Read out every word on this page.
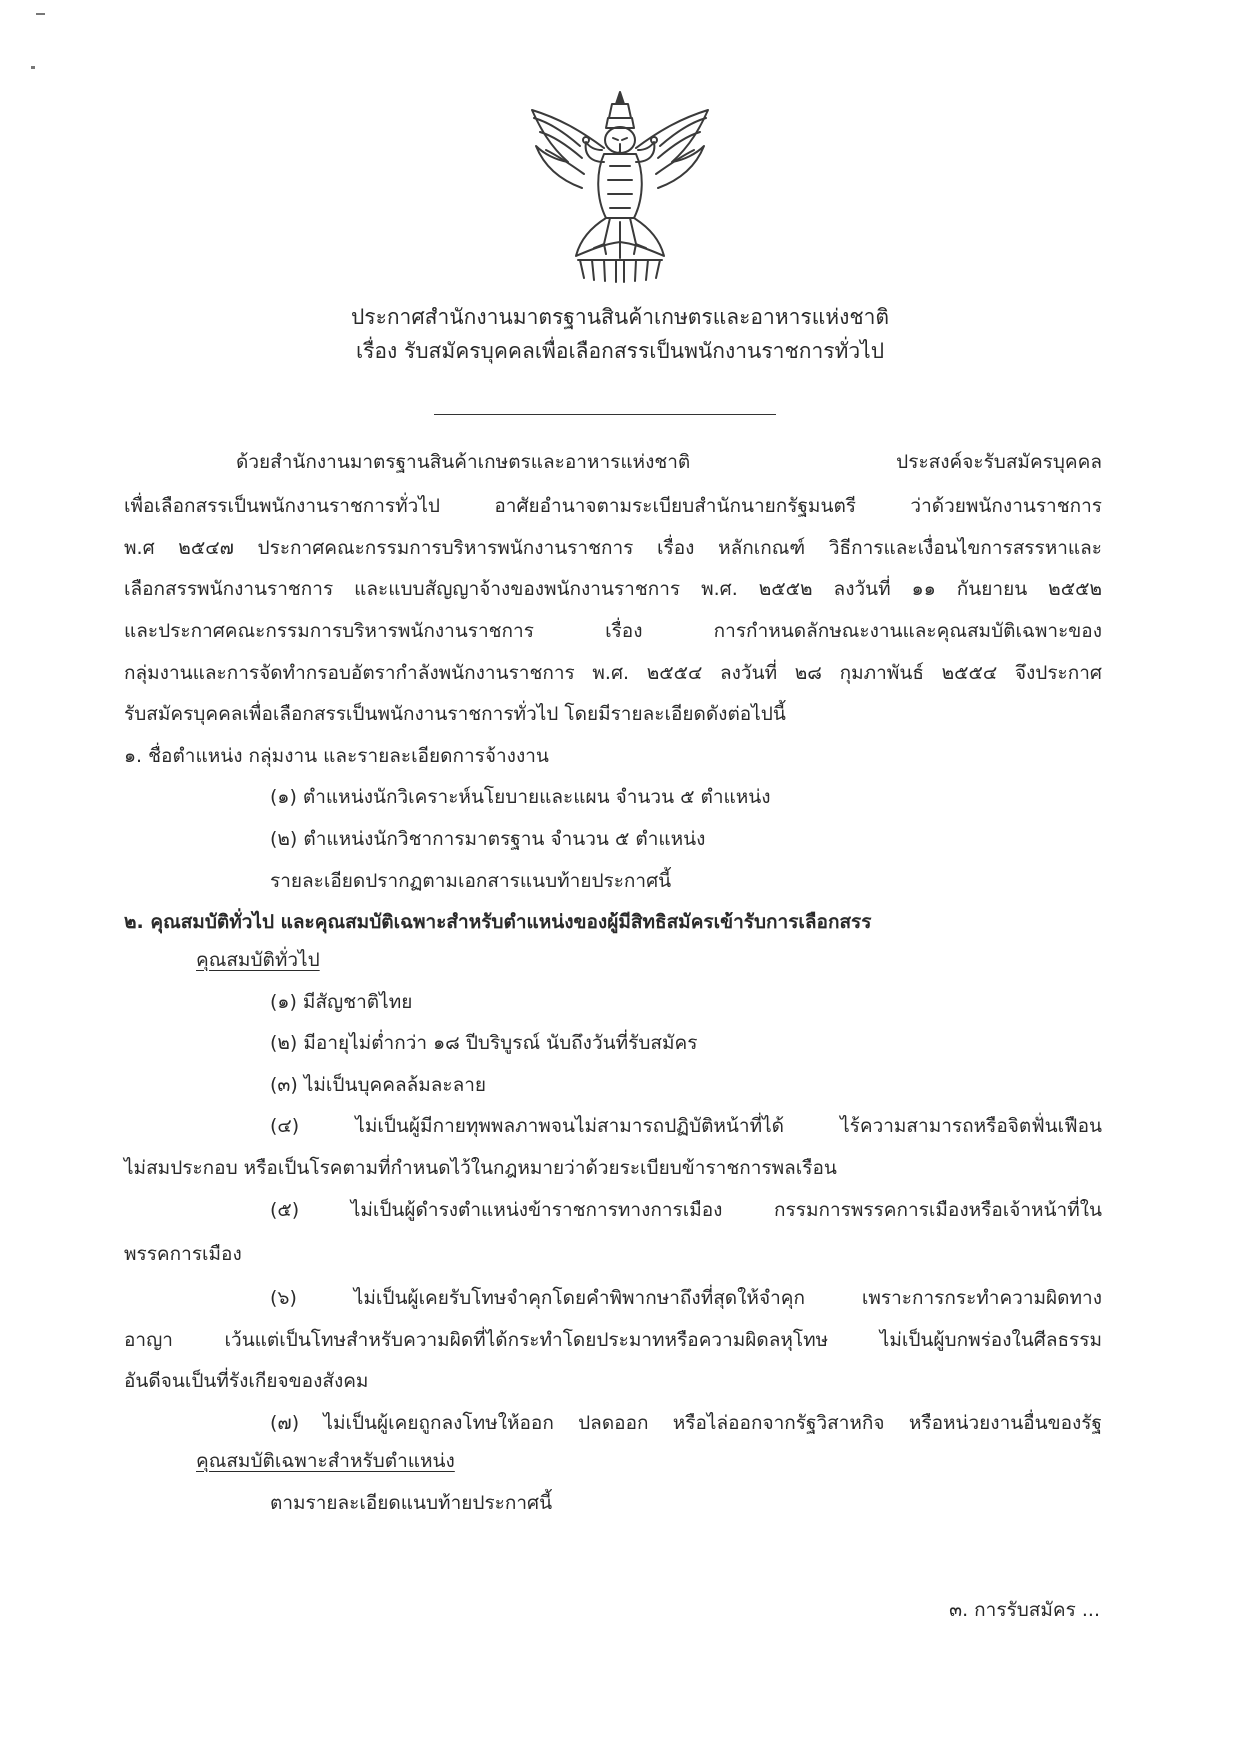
ประกาศสำนักงานมาตรฐานสินค้าเกษตรและอาหารแห่งชาติ
เรื่อง รับสมัครบุคคลเพื่อเลือกสรรเป็นพนักงานราชการทั่วไป
ด้วยสำนักงานมาตรฐานสินค้าเกษตรและอาหารแห่งชาติ ประสงค์จะรับสมัครบุคคล
เพื่อเลือกสรรเป็นพนักงานราชการทั่วไป อาศัยอำนาจตามระเบียบสำนักนายกรัฐมนตรี ว่าด้วยพนักงานราชการ
พ.ศ ๒๕๔๗ ประกาศคณะกรรมการบริหารพนักงานราชการ เรื่อง หลักเกณฑ์ วิธีการและเงื่อนไขการสรรหาและ
เลือกสรรพนักงานราชการ และแบบสัญญาจ้างของพนักงานราชการ พ.ศ. ๒๕๕๒ ลงวันที่ ๑๑ กันยายน ๒๕๕๒
และประกาศคณะกรรมการบริหารพนักงานราชการ เรื่อง การกำหนดลักษณะงานและคุณสมบัติเฉพาะของ
กลุ่มงานและการจัดทำกรอบอัตรากำลังพนักงานราชการ พ.ศ. ๒๕๕๔ ลงวันที่ ๒๘ กุมภาพันธ์ ๒๕๕๔ จึงประกาศ
รับสมัครบุคคลเพื่อเลือกสรรเป็นพนักงานราชการทั่วไป โดยมีรายละเอียดดังต่อไปนี้
๑. ชื่อตำแหน่ง กลุ่มงาน และรายละเอียดการจ้างงาน
(๑) ตำแหน่งนักวิเคราะห์นโยบายและแผน จำนวน ๕ ตำแหน่ง
(๒) ตำแหน่งนักวิชาการมาตรฐาน จำนวน ๕ ตำแหน่ง
รายละเอียดปรากฏตามเอกสารแนบท้ายประกาศนี้
๒. คุณสมบัติทั่วไป และคุณสมบัติเฉพาะสำหรับตำแหน่งของผู้มีสิทธิสมัครเข้ารับการเลือกสรร
คุณสมบัติทั่วไป
(๑) มีสัญชาติไทย
(๒) มีอายุไม่ต่ำกว่า ๑๘ ปีบริบูรณ์ นับถึงวันที่รับสมัคร
(๓) ไม่เป็นบุคคลล้มละลาย
(๔) ไม่เป็นผู้มีกายทุพพลภาพจนไม่สามารถปฏิบัติหน้าที่ได้ ไร้ความสามารถหรือจิตฟั่นเฟือน
ไม่สมประกอบ หรือเป็นโรคตามที่กำหนดไว้ในกฎหมายว่าด้วยระเบียบข้าราชการพลเรือน
(๕) ไม่เป็นผู้ดำรงตำแหน่งข้าราชการทางการเมือง กรรมการพรรคการเมืองหรือเจ้าหน้าที่ใน
พรรคการเมือง
(๖) ไม่เป็นผู้เคยรับโทษจำคุกโดยคำพิพากษาถึงที่สุดให้จำคุก เพราะการกระทำความผิดทาง
อาญา เว้นแต่เป็นโทษสำหรับความผิดที่ได้กระทำโดยประมาทหรือความผิดลหุโทษ ไม่เป็นผู้บกพร่องในศีลธรรม
อันดีจนเป็นที่รังเกียจของสังคม
(๗) ไม่เป็นผู้เคยถูกลงโทษให้ออก ปลดออก หรือไล่ออกจากรัฐวิสาหกิจ หรือหน่วยงานอื่นของรัฐ
คุณสมบัติเฉพาะสำหรับตำแหน่ง
ตามรายละเอียดแนบท้ายประกาศนี้
๓. การรับสมัคร ...
